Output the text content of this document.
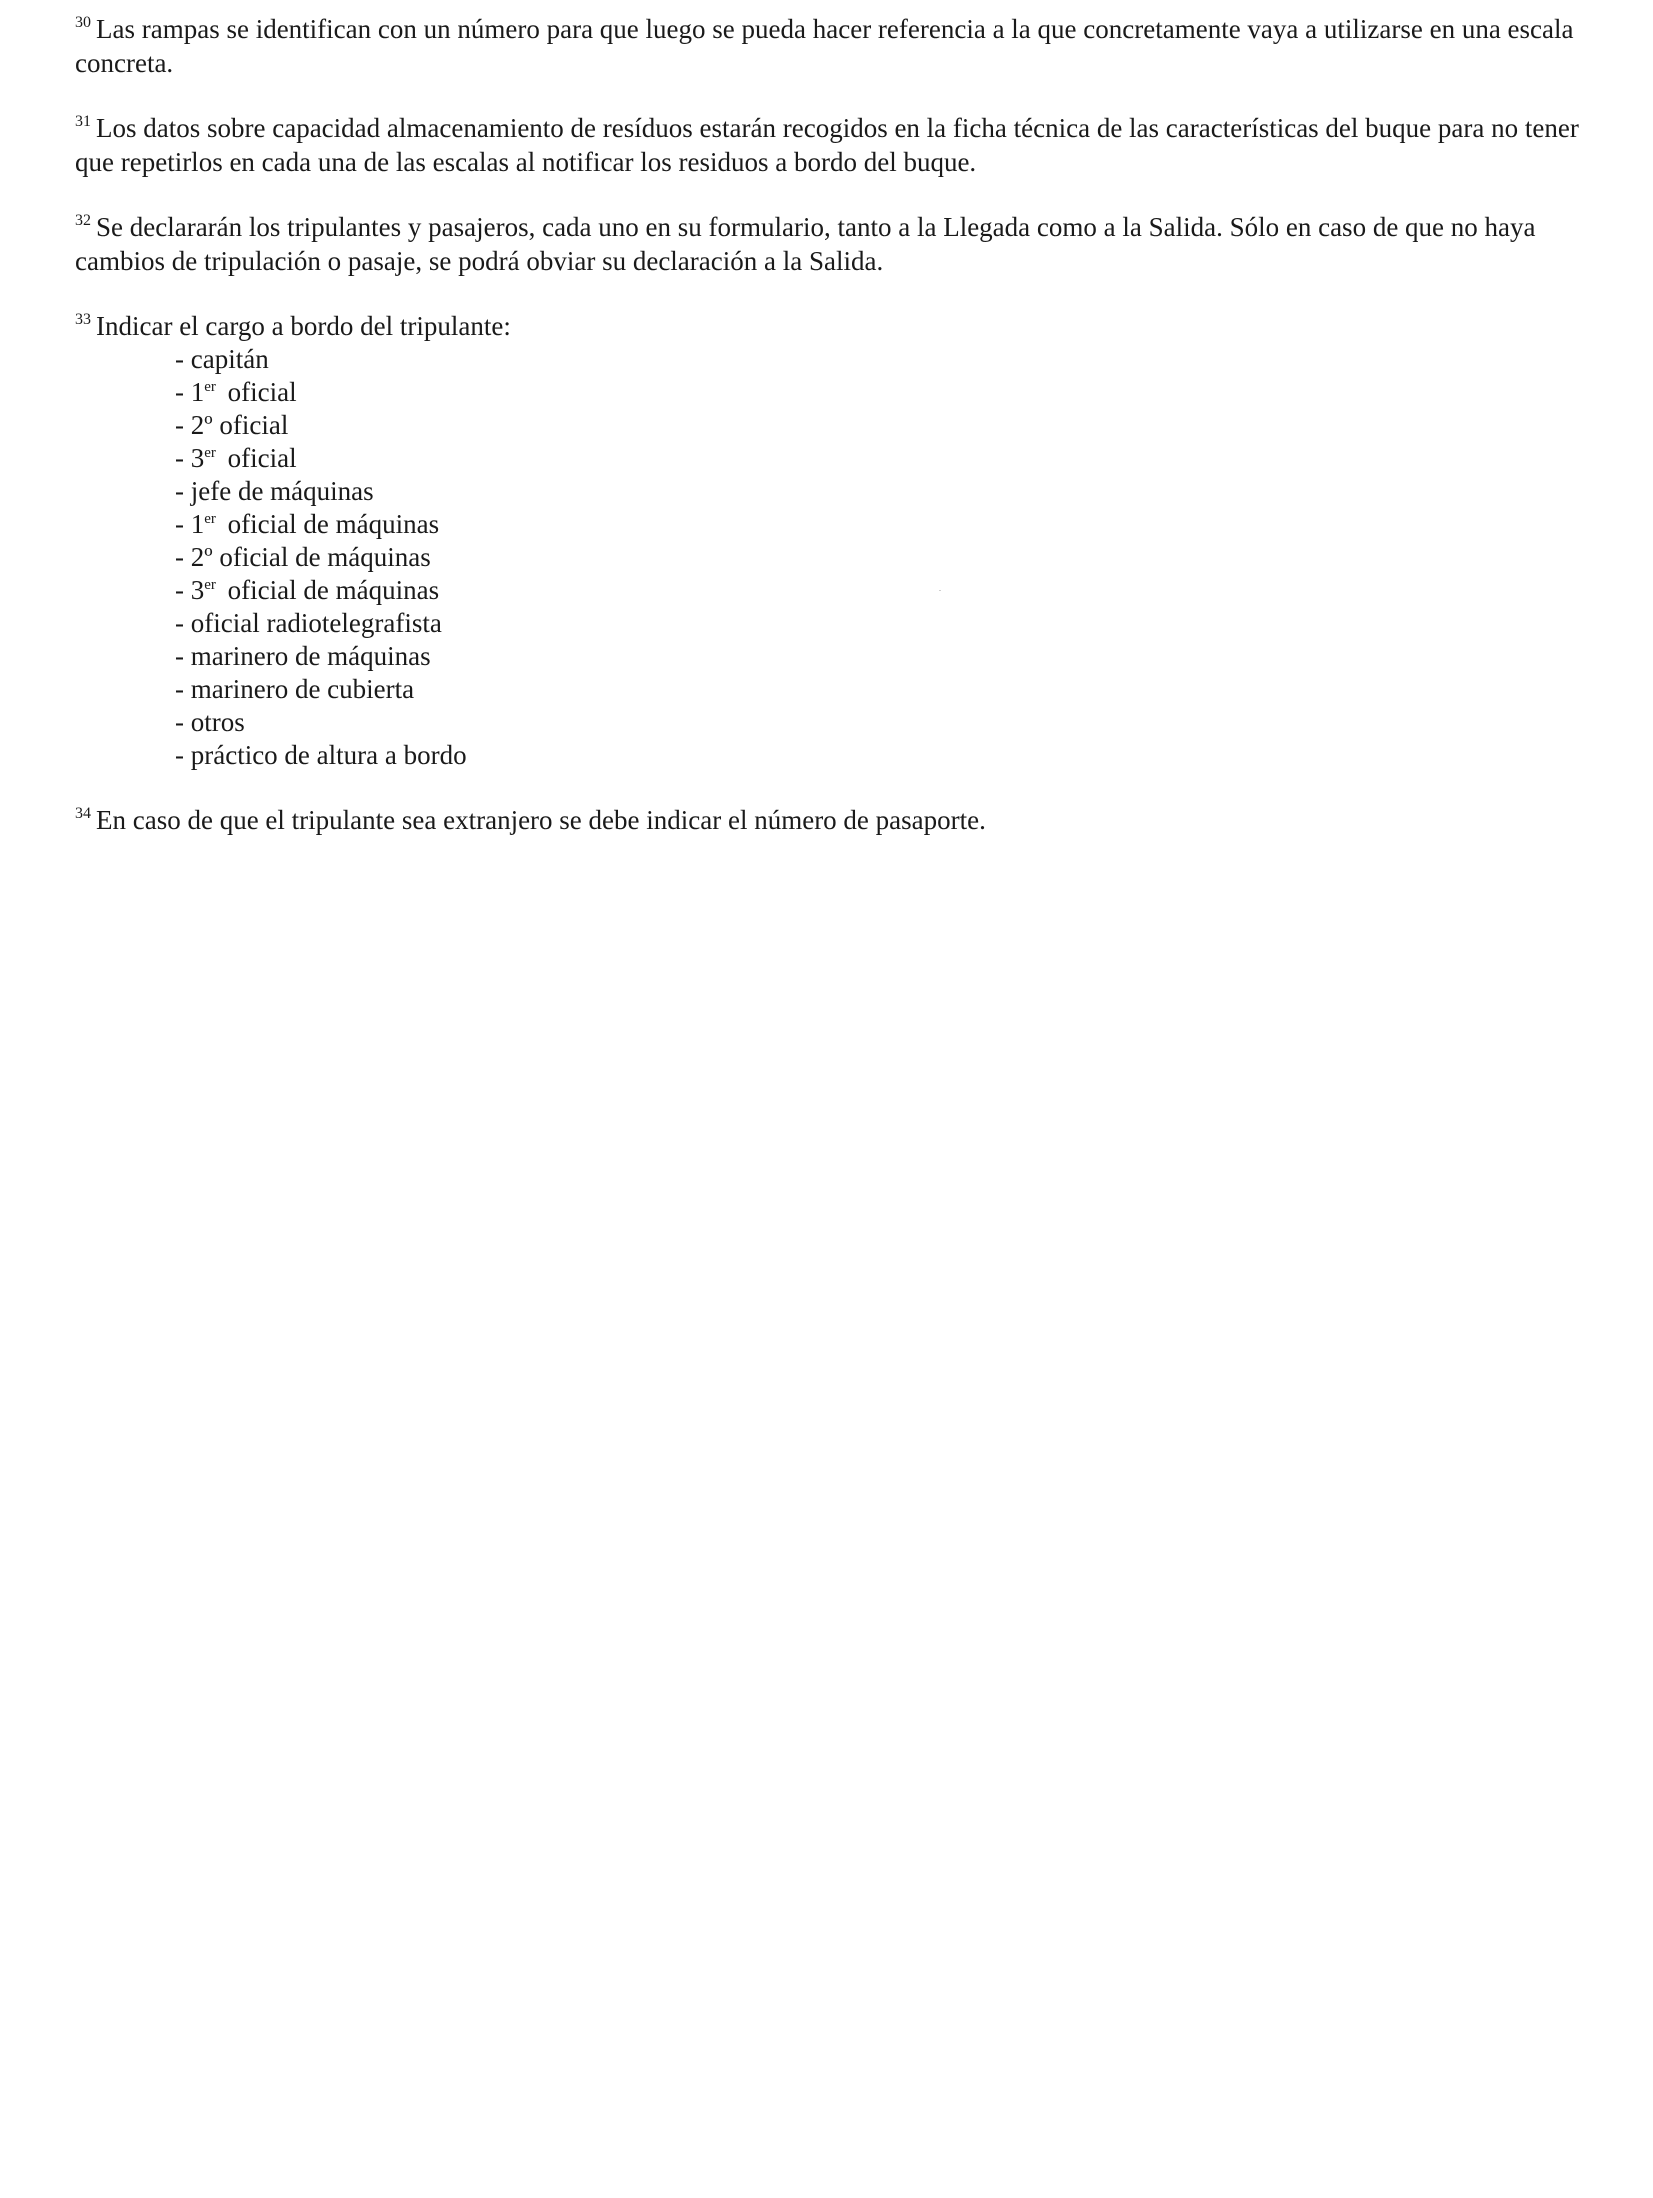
$^{30}$ Las rampas se identifican con un número para que luego se pueda hacer referencia a la que concretamente vaya a utilizarse en una escala concreta.

$^{31}$ Los datos sobre capacidad almacenamiento de resíduos estarán recogidos en la ficha técnica de las características del buque para no tener que repetirlos en cada una de las escalas al notificar los residuos a bordo del buque.

$^{32}$ Se declararán los tripulantes y pasajeros, cada uno en su formulario, tanto a la Llegada como a la Salida. Sólo en caso de que no haya cambios de tripulación o pasaje, se podrá obviar su declaración a la Salida.

$^{33}$ Indicar el cargo a bordo del tripulante:
- capitán
- 1er oficial
- 2º oficial
- 3er oficial
- jefe de máquinas
- 1er oficial de máquinas
- 2º oficial de máquinas
- 3er oficial de máquinas
- oficial radiotelegrafista
- marinero de máquinas
- marinero de cubierta
- otros
- práctico de altura a bordo

$^{34}$ En caso de que el tripulante sea extranjero se debe indicar el número de pasaporte.
